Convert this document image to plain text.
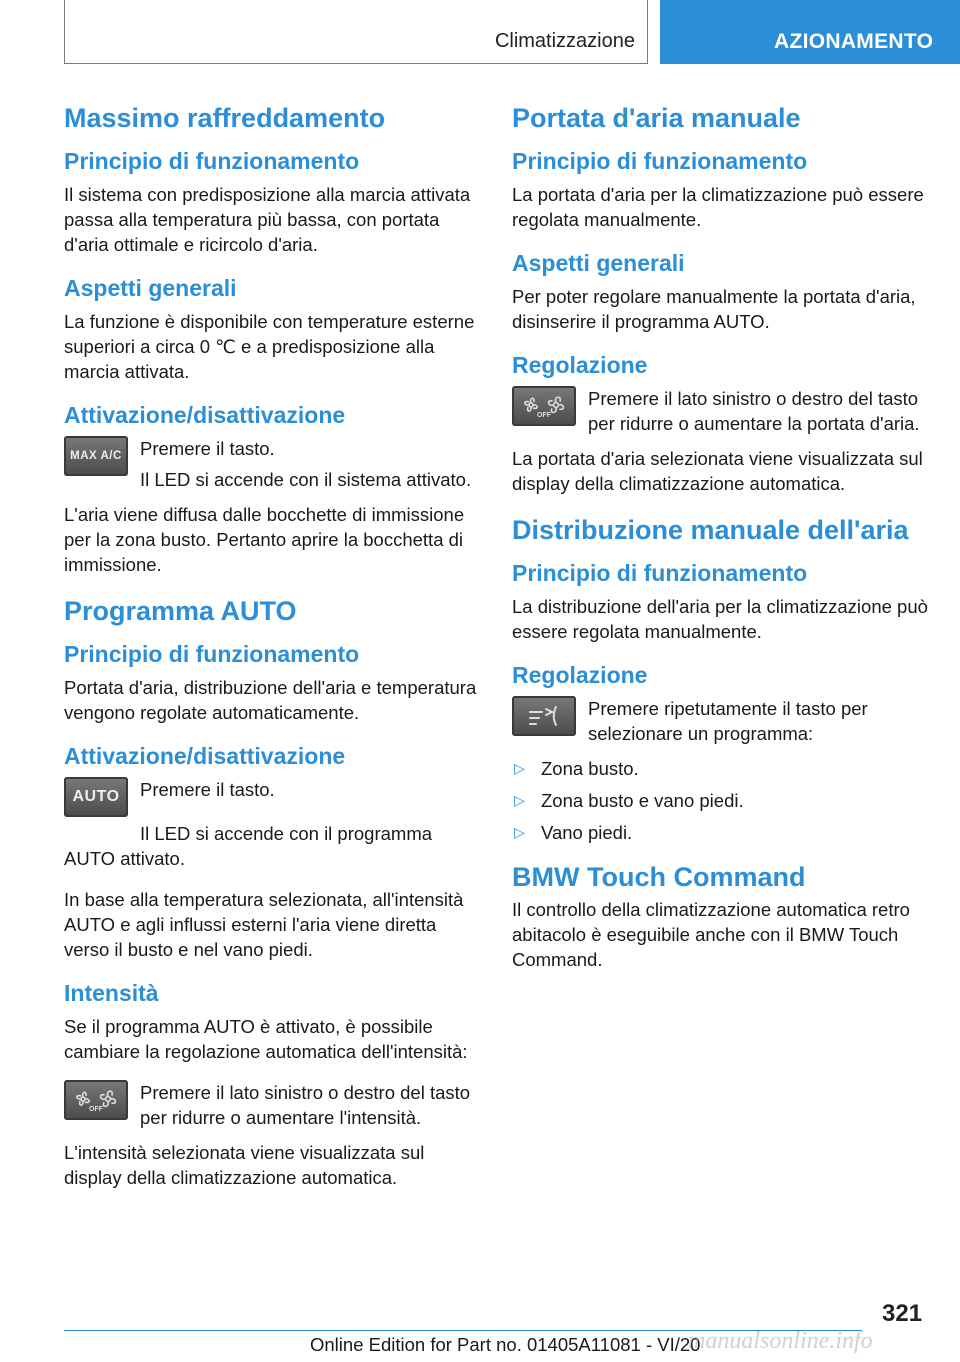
Climatizzazione	AZIONAMENTO
Massimo raffreddamento
Principio di funzionamento

Il sistema con predisposizione alla marcia attivata passa alla temperatura più bassa, con portata d'aria ottimale e ricircolo d'aria.

Aspetti generali

La funzione è disponibile con temperature esterne superiori a circa 0 ℃ e a predisposizione alla marcia attivata.

Attivazione/disattivazione
MAX A/C Premere il tasto.

Il LED si accende con il sistema attivato.

L'aria viene diffusa dalle bocchette di immissione per la zona busto. Pertanto aprire la bocchetta di immissione.

Programma AUTO
Principio di funzionamento

Portata d'aria, distribuzione dell'aria e temperatura vengono regolate automaticamente.

Attivazione/disattivazione
AUTO Premere il tasto.

Il LED si accende con il programma AUTO attivato.

In base alla temperatura selezionata, all'intensità AUTO e agli influssi esterni l'aria viene diretta verso il busto e nel vano piedi.

Intensità

Se il programma AUTO è attivato, è possibile cambiare la regolazione automatica dell'intensità:

OFF

Premere il lato sinistro o destro del tasto per ridurre o aumentare l'intensità.

L'intensità selezionata viene visualizzata sul display della climatizzazione automatica.

Portata d'aria manuale
Principio di funzionamento

La portata d'aria per la climatizzazione può essere regolata manualmente.

Aspetti generali

Per poter regolare manualmente la portata d'aria, disinserire il programma AUTO.

Regolazione
OFF

Premere il lato sinistro o destro del tasto per ridurre o aumentare la portata d'aria.

La portata d'aria selezionata viene visualizzata sul display della climatizzazione automatica.

Distribuzione manuale dell'aria
Principio di funzionamento

La distribuzione dell'aria per la climatizzazione può essere regolata manualmente.

Regolazione

Premere ripetutamente il tasto per selezionare un programma:

▷ Zona busto.
▷ Zona busto e vano piedi.
▷ Vano piedi.
BMW Touch Command

Il controllo della climatizzazione automatica retro abitacolo è eseguibile anche con il BMW Touch Command.

321
Online Edition for Part no. 01405A11081 - VI/20
manualsonline.info
